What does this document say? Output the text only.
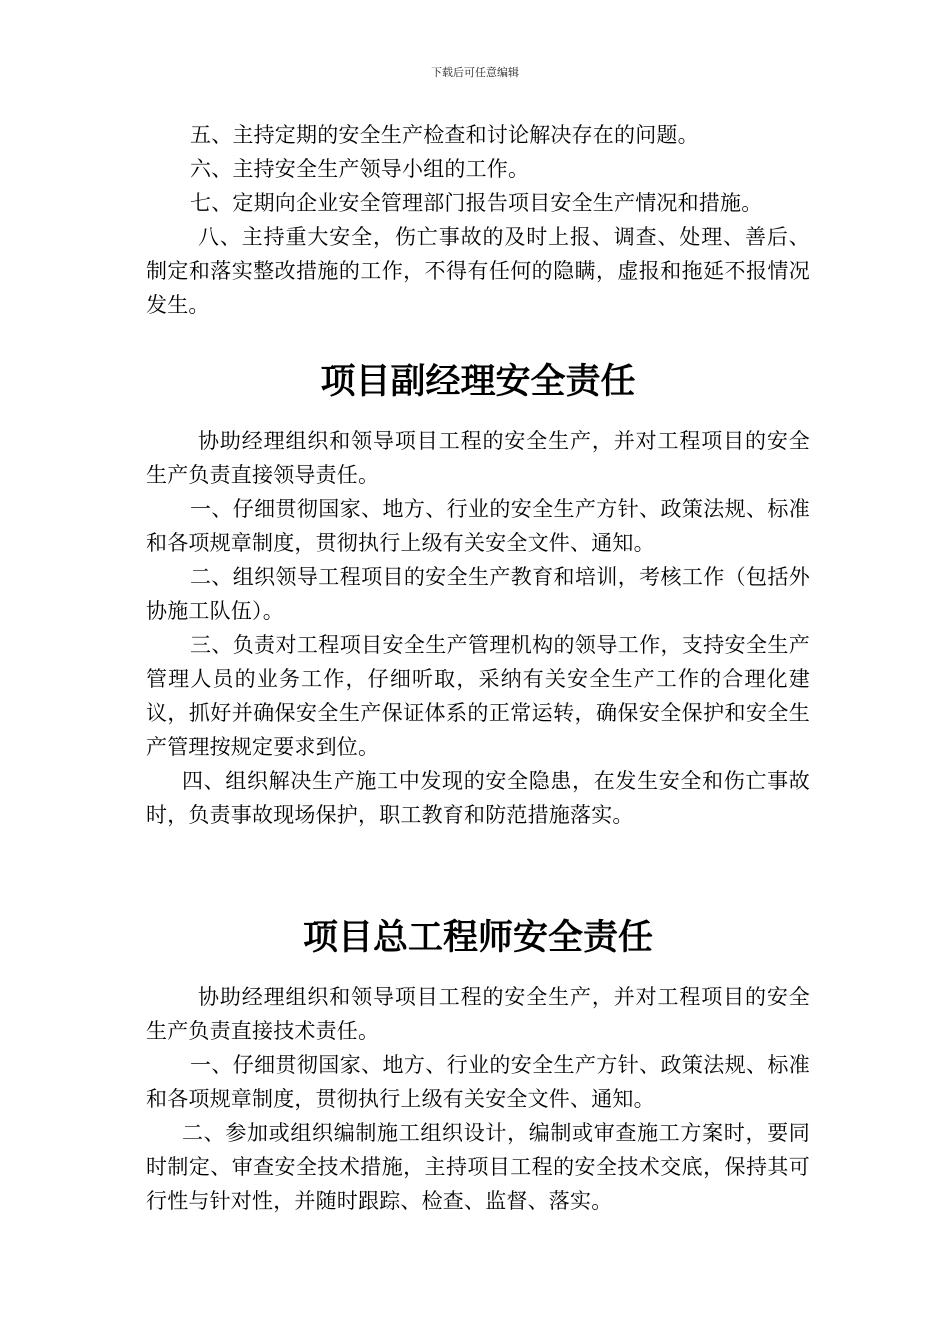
下载后可任意编辑

五、主持定期的安全生产检查和讨论解决存在的问题。

六、主持安全生产领导小组的工作。

七、定期向企业安全管理部门报告项目安全生产情况和措施。

八、主持重大安全，伤亡事故的及时上报、调查、处理、善后、制定和落实整改措施的工作，不得有任何的隐瞒，虚报和拖延不报情况发生。

项目副经理安全责任

协助经理组织和领导项目工程的安全生产，并对工程项目的安全生产负责直接领导责任。

一、仔细贯彻国家、地方、行业的安全生产方针、政策法规、标准和各项规章制度，贯彻执行上级有关安全文件、通知。

二、组织领导工程项目的安全生产教育和培训，考核工作（包括外协施工队伍）。

三、负责对工程项目安全生产管理机构的领导工作，支持安全生产管理人员的业务工作，仔细听取，采纳有关安全生产工作的合理化建议，抓好并确保安全生产保证体系的正常运转，确保安全保护和安全生产管理按规定要求到位。

四、组织解决生产施工中发现的安全隐患，在发生安全和伤亡事故时，负责事故现场保护，职工教育和防范措施落实。

项目总工程师安全责任

协助经理组织和领导项目工程的安全生产，并对工程项目的安全生产负责直接技术责任。

一、仔细贯彻国家、地方、行业的安全生产方针、政策法规、标准和各项规章制度，贯彻执行上级有关安全文件、通知。

二、参加或组织编制施工组织设计，编制或审查施工方案时，要同时制定、审查安全技术措施，主持项目工程的安全技术交底，保持其可行性与针对性，并随时跟踪、检查、监督、落实。
